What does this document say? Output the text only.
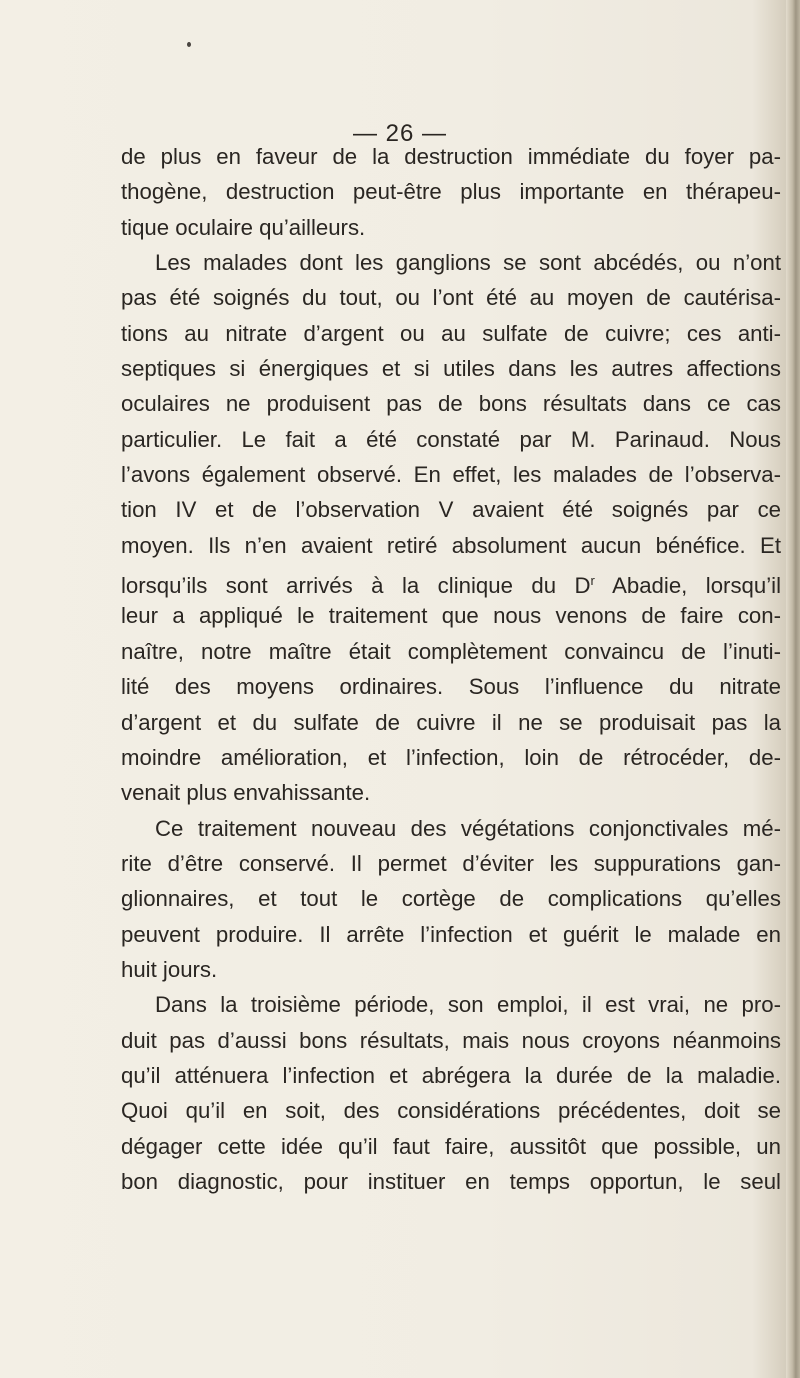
— 26 —

de plus en faveur de la destruction immédiate du foyer pa-
thogène, destruction peut-être plus importante en thérapeu-
tique oculaire qu’ailleurs.
Les malades dont les ganglions se sont abcédés, ou n’ont
pas été soignés du tout, ou l’ont été au moyen de cautérisa-
tions au nitrate d’argent ou au sulfate de cuivre; ces anti-
septiques si énergiques et si utiles dans les autres affections
oculaires ne produisent pas de bons résultats dans ce cas
particulier. Le fait a été constaté par M. Parinaud. Nous
l’avons également observé. En effet, les malades de l’observa-
tion IV et de l’observation V avaient été soignés par ce
moyen. Ils n’en avaient retiré absolument aucun bénéfice. Et
lorsqu’ils sont arrivés à la clinique du $D^r$ Abadie, lorsqu’il
leur a appliqué le traitement que nous venons de faire con-
naître, notre maître était complètement convaincu de l’inuti-
lité des moyens ordinaires. Sous l’influence du nitrate
d’argent et du sulfate de cuivre il ne se produisait pas la
moindre amélioration, et l’infection, loin de rétrocéder, de-
venait plus envahissante.
Ce traitement nouveau des végétations conjonctivales mé-
rite d’être conservé. Il permet d’éviter les suppurations gan-
glionnaires, et tout le cortège de complications qu’elles
peuvent produire. Il arrête l’infection et guérit le malade en
huit jours.
Dans la troisième période, son emploi, il est vrai, ne pro-
duit pas d’aussi bons résultats, mais nous croyons néanmoins
qu’il atténuera l’infection et abrégera la durée de la maladie.
Quoi qu’il en soit, des considérations précédentes, doit se
dégager cette idée qu’il faut faire, aussitôt que possible, un
bon diagnostic, pour instituer en temps opportun, le seul
